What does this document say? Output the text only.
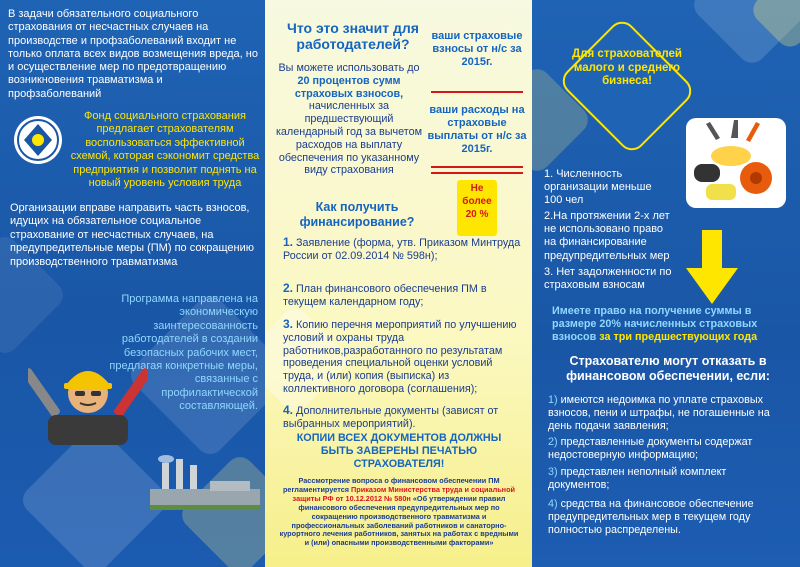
В задачи обязательного социального страхования от несчастных случаев на производстве и профзаболеваний входит не только оплата всех видов возмещения вреда, но и осуществление мер по предотвращению возникновения травматизма и профзаболеваний

Фонд социального страхования предлагает страхователям воспользоваться эффективной схемой, которая сэкономит средства предприятия и позволит поднять на новый уровень условия труда

Организации вправе направить часть взносов, идущих на обязательное социальное страхование от несчастных случаев, на предупредительные меры (ПМ) по сокращению производственного травматизма

Программа направлена на экономическую заинтересованность работодателей в создании безопасных рабочих мест, предлагая конкретные меры, связанные с профилактической составляющей.

Что это значит для работодателей?

Вы можете использовать до 20 процентов сумм страховых взносов, начисленных за предшествующий календарный год за вычетом расходов на выплату обеспечения по указанному виду страхования

ваши страховые взносы от н/с за 2015г.

ваши расходы на страховые выплаты от н/с за 2015г.

Не более 20 %

Как получить финансирование?

1. Заявление (форма, утв. Приказом Минтруда России от 02.09.2014 № 598н);

2. План финансового обеспечения ПМ в текущем календарном году;

3. Копию перечня мероприятий по улучшению условий и охраны труда работников,разработанного по результатам проведения специальной оценки условий труда, и (или) копия (выписка) из коллективного договора (соглашения);

4. Дополнительные документы (зависят от выбранных мероприятий).

КОПИИ ВСЕХ ДОКУМЕНТОВ ДОЛЖНЫ БЫТЬ ЗАВЕРЕНЫ ПЕЧАТЬЮ СТРАХОВАТЕЛЯ!

Рассмотрение вопроса о финансовом обеспечении ПМ регламентируется Приказом Министерства труда и социальной защиты РФ от 10.12.2012 № 580н «Об утверждении правил финансового обеспечения предупредительных мер по сокращению производственного травматизма и профессиональных заболеваний работников и санаторно-курортного лечения работников, занятых на работах с вредными и (или) опасными производственными факторами»

Для страхователей малого и среднего бизнеса!

1. Численность организации меньше 100 чел

2.На протяжении 2-х лет не использовано право на финансирование предупредительных мер

3. Нет задолженности по страховым взносам

Имеете право на получение суммы в размере 20% начисленных страховых взносов за три предшествующих года

Страхователю могут отказать в финансовом обеспечении, если:

1) имеются недоимка по уплате страховых взносов, пени и штрафы, не погашенные на день подачи заявления;

2) представленные документы содержат недостоверную информацию;

3) представлен неполный комплект документов;

4) средства на финансовое обеспечение предупредительных мер в текущем году полностью распределены.
